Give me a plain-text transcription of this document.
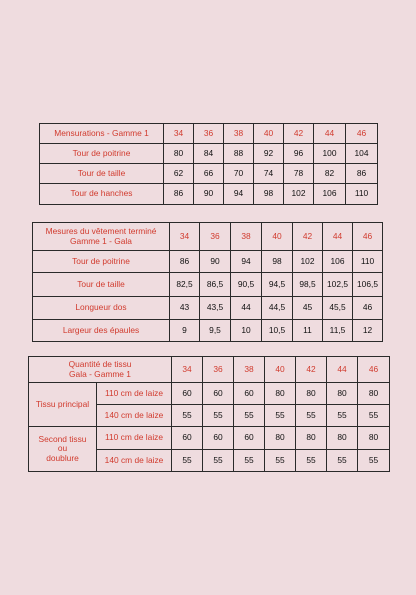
Mensurations - Gamme 1	34	36	38	40	42	44	46
Tour de poitrine	80	84	88	92	96	100	104
Tour de taille	62	66	70	74	78	82	86
Tour de hanches	86	90	94	98	102	106	110
Mesures du vêtement terminé
Gamme 1 - Gala	34	36	38	40	42	44	46
Tour de poitrine	86	90	94	98	102	106	110
Tour de taille	82,5	86,5	90,5	94,5	98,5	102,5	106,5
Longueur dos	43	43,5	44	44,5	45	45,5	46
Largeur des épaules	9	9,5	10	10,5	11	11,5	12
Quantité de tissu
Gala - Gamme 1		34	36	38	40	42	44	46
Tissu principal	110 cm de laize	60	60	60	80	80	80	80
	140 cm de laize	55	55	55	55	55	55	55
Second tissu
ou
doublure	110 cm de laize	60	60	60	80	80	80	80
	140 cm de laize	55	55	55	55	55	55	55
